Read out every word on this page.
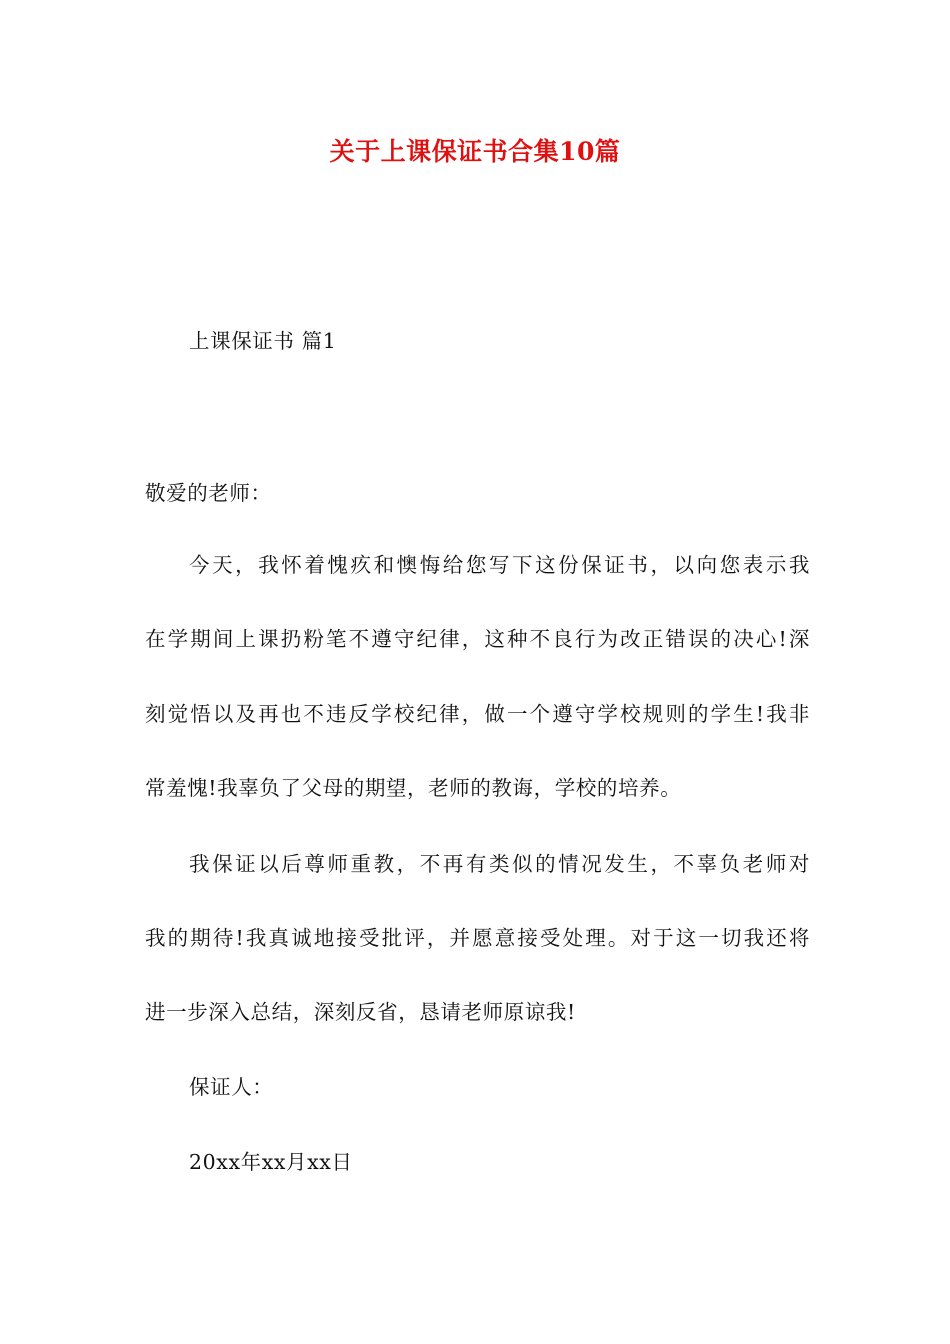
关于上课保证书合集10篇
上课保证书 篇1
敬爱的老师：
今天，我怀着愧疚和懊悔给您写下这份保证书，以向您表示我
在学期间上课扔粉笔不遵守纪律，这种不良行为改正错误的决心!深
刻觉悟以及再也不违反学校纪律，做一个遵守学校规则的学生!我非
常羞愧!我辜负了父母的期望，老师的教诲，学校的培养。
我保证以后尊师重教，不再有类似的情况发生，不辜负老师对
我的期待!我真诚地接受批评，并愿意接受处理。对于这一切我还将
进一步深入总结，深刻反省，恳请老师原谅我!
保证人：
20xx年xx月xx日
